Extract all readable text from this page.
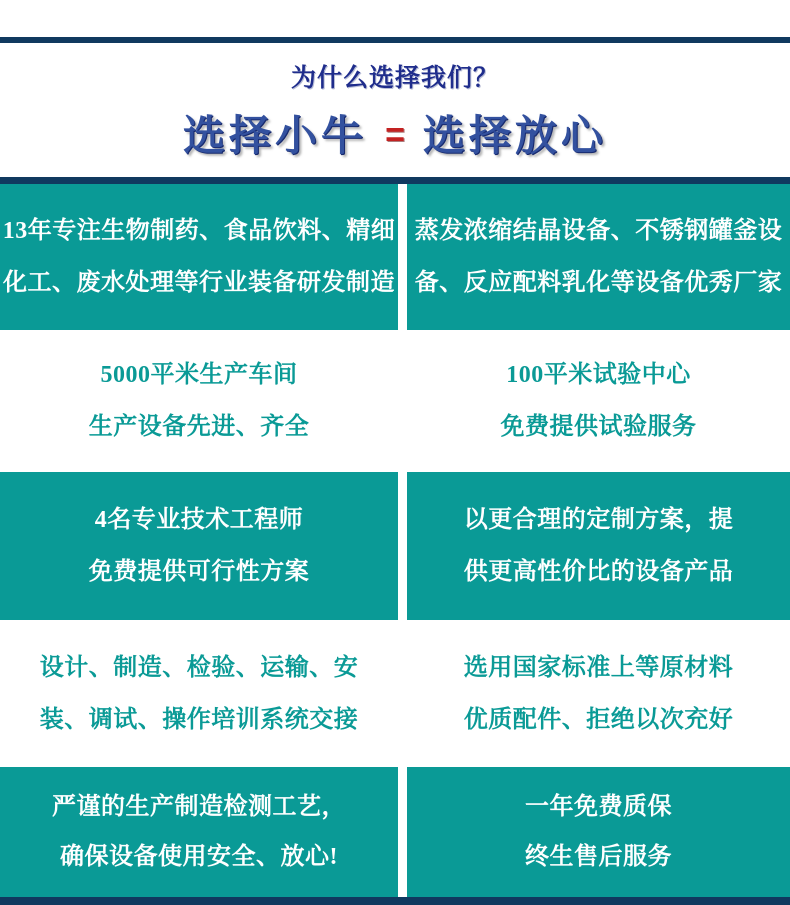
为什么选择我们？
选择小牛 = 选择放心

13年专注生物制药、食品饮料、精细

化工、废水处理等行业装备研发制造

蒸发浓缩结晶设备、不锈钢罐釜设

备、反应配料乳化等设备优秀厂家

5000平米生产车间

生产设备先进、齐全

100平米试验中心

免费提供试验服务

4名专业技术工程师

免费提供可行性方案

以更合理的定制方案，提

供更高性价比的设备产品

设计、制造、检验、运输、安

装、调试、操作培训系统交接

选用国家标准上等原材料

优质配件、拒绝以次充好

严谨的生产制造检测工艺，

确保设备使用安全、放心!

一年免费质保

终生售后服务
